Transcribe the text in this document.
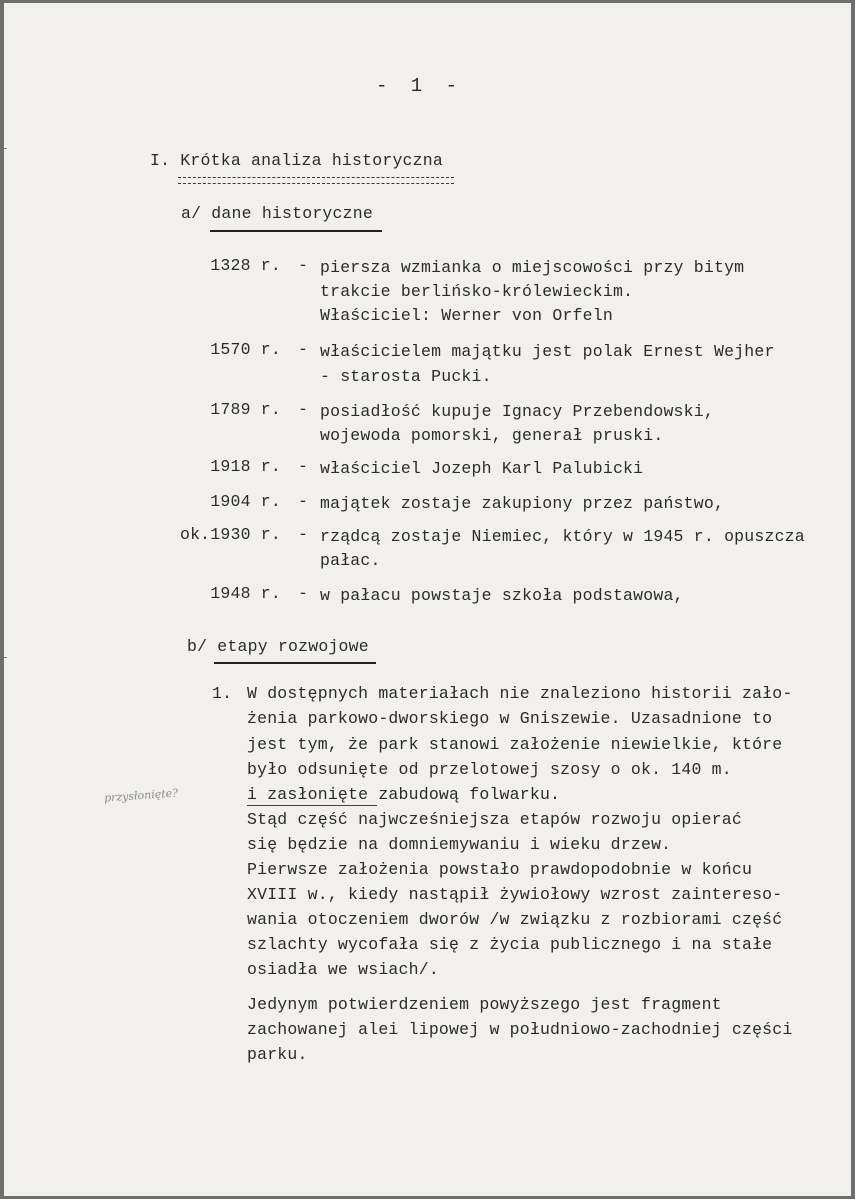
- 1 -
I. Krótka analiza historyczna
a/ dane historyczne
1328 r. - piersza wzmianka o miejscowości przy bitym
trakcie berlińsko-królewieckim.
Właściciel: Werner von Orfeln
1570 r. - właścicielem majątku jest polak Ernest Wejher
- starosta Pucki.
1789 r. - posiadłość kupuje Ignacy Przebendowski,
wojewoda pomorski, generał pruski.
1918 r. - właściciel Jozeph Karl Palubicki
1904 r. - majątek zostaje zakupiony przez państwo,
ok.1930 r. - rządcą zostaje Niemiec, który w 1945 r. opuszcza
pałac.
1948 r. - w pałacu powstaje szkoła podstawowa,
b/ etapy rozwojowe
1. W dostępnych materiałach nie znaleziono historii zało-
żenia parkowo-dworskiego w Gniszewie. Uzasadnione to
jest tym, że park stanowi założenie niewielkie, które
było odsunięte od przelotowej szosy o ok. 140 m.
i zasłonięte zabudową folwarku.
Stąd część najwcześniejsza etapów rozwoju opierać
się będzie na domniemywaniu i wieku drzew.
Pierwsze założenia powstało prawdopodobnie w końcu
XVIII w., kiedy nastąpił żywiołowy wzrost zaintereso-
wania otoczeniem dworów /w związku z rozbiorami część
szlachty wycofała się z życia publicznego i na stałe
osiadła we wsiach/.
Jedynym potwierdzeniem powyższego jest fragment
zachowanej alei lipowej w południowo-zachodniej części
parku.
przysłonięte?
